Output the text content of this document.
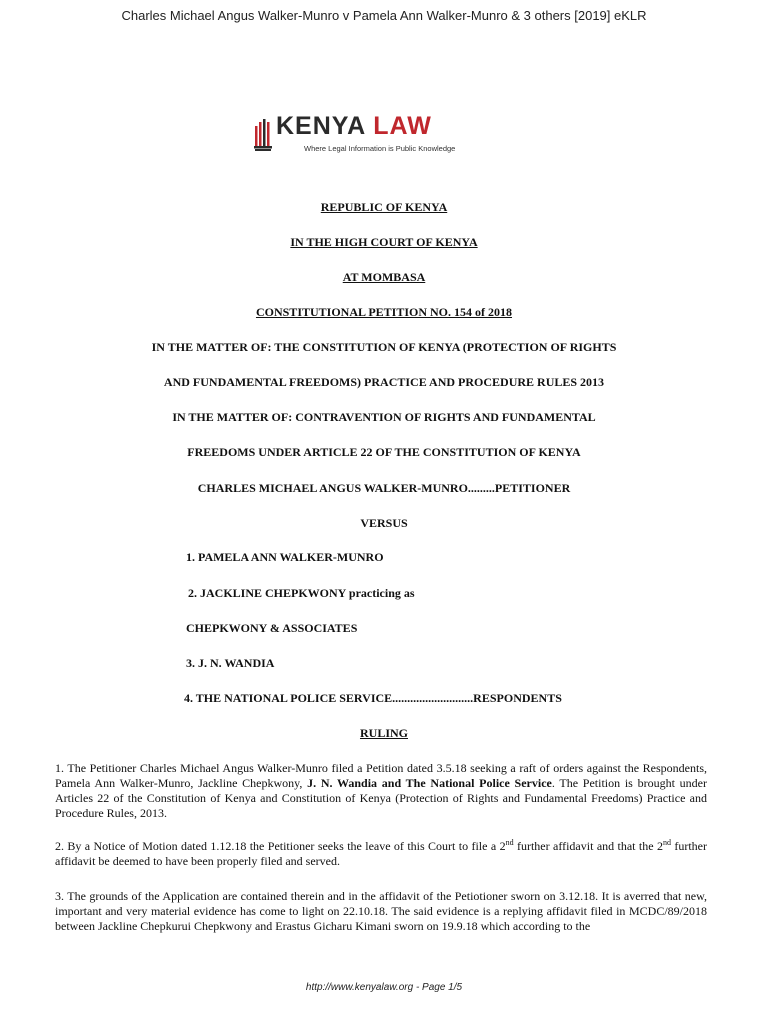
Charles Michael Angus Walker-Munro v Pamela Ann Walker-Munro & 3 others [2019] eKLR
KENYA LAW
Where Legal Information is Public Knowledge
REPUBLIC OF KENYA
IN THE HIGH COURT OF KENYA
AT MOMBASA
CONSTITUTIONAL PETITION NO. 154 of 2018
IN THE MATTER OF: THE CONSTITUTION OF KENYA (PROTECTION OF RIGHTS
AND FUNDAMENTAL FREEDOMS) PRACTICE AND PROCEDURE RULES 2013
IN THE MATTER OF: CONTRAVENTION OF RIGHTS AND FUNDAMENTAL
FREEDOMS UNDER ARTICLE 22 OF THE CONSTITUTION OF KENYA
CHARLES MICHAEL ANGUS WALKER-MUNRO.........PETITIONER
VERSUS
1. PAMELA ANN WALKER-MUNRO
2. JACKLINE CHEPKWONY practicing as
CHEPKWONY & ASSOCIATES
3. J. N. WANDIA
4. THE NATIONAL POLICE SERVICE...........................RESPONDENTS
RULING
1. The Petitioner Charles Michael Angus Walker-Munro filed a Petition dated 3.5.18 seeking a raft of orders against the Respondents, Pamela Ann Walker-Munro, Jackline Chepkwony, J. N. Wandia and The National Police Service. The Petition is brought under Articles 22 of the Constitution of Kenya and Constitution of Kenya (Protection of Rights and Fundamental Freedoms) Practice and Procedure Rules, 2013.
2. By a Notice of Motion dated 1.12.18 the Petitioner seeks the leave of this Court to file a 2nd further affidavit and that the 2nd further affidavit be deemed to have been properly filed and served.
3. The grounds of the Application are contained therein and in the affidavit of the Petiotioner sworn on 3.12.18. It is averred that new, important and very material evidence has come to light on 22.10.18. The said evidence is a replying affidavit filed in MCDC/89/2018 between Jackline Chepkurui Chepkwony and Erastus Gicharu Kimani sworn on 19.9.18 which according to the
http://www.kenyalaw.org - Page 1/5
